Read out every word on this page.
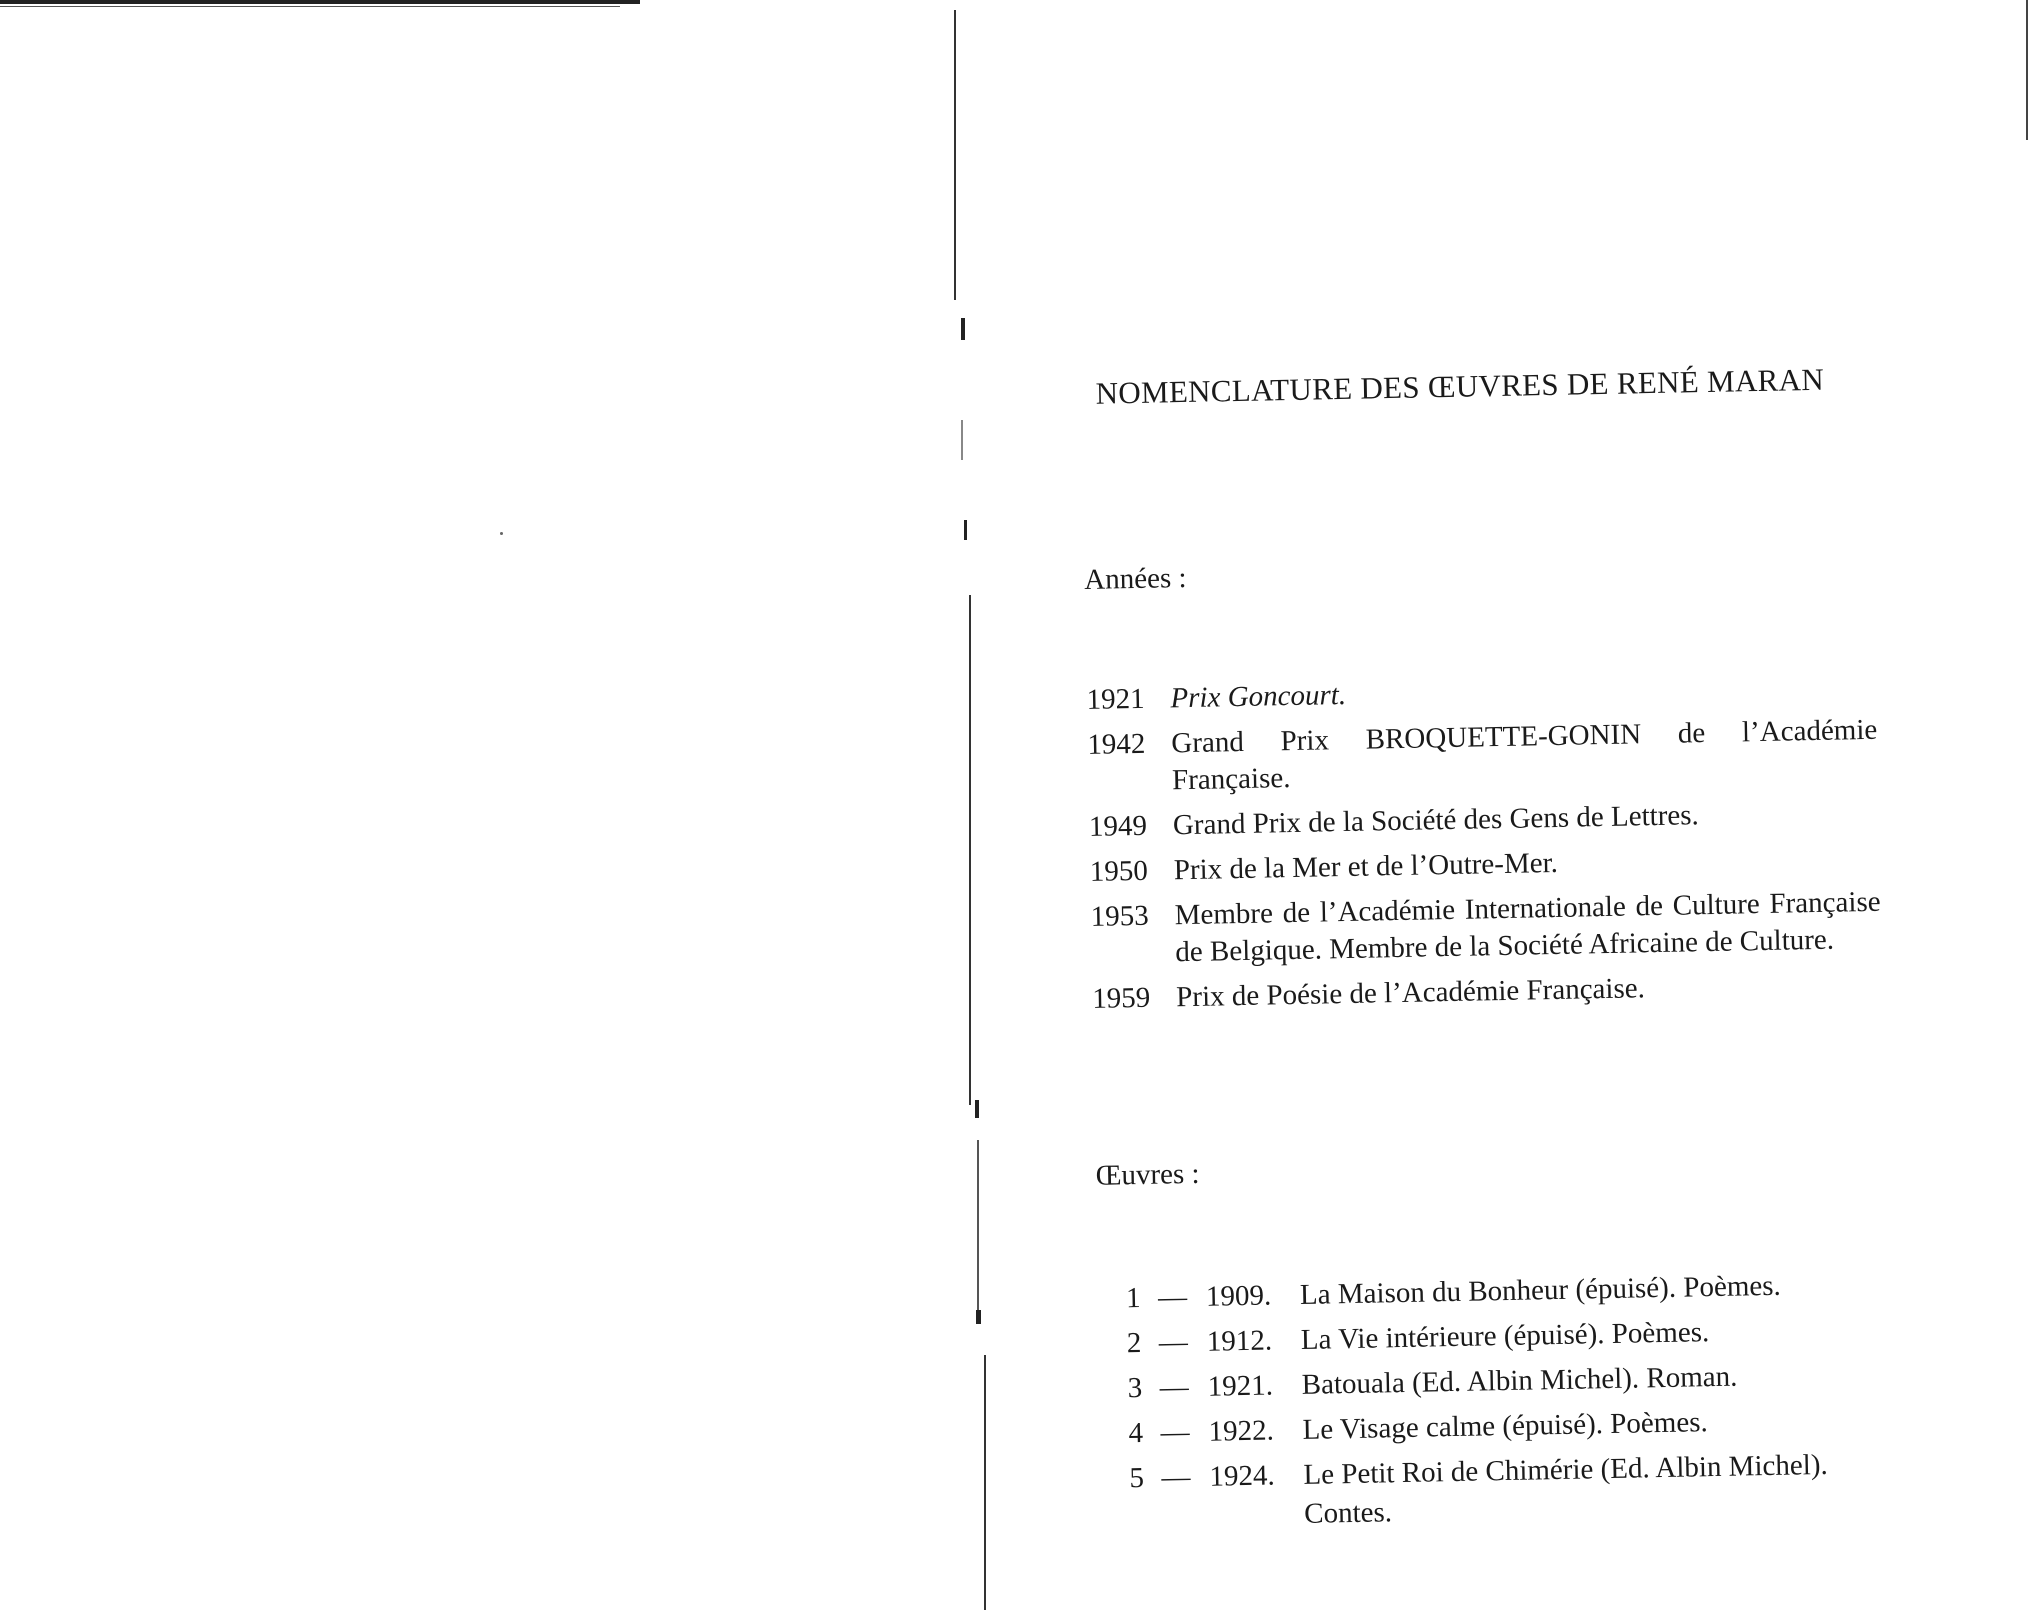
NOMENCLATURE DES ŒUVRES DE RENÉ MARAN

Années :

1921 Prix Goncourt.
1942 Grand Prix BROQUETTE-GONIN de l’Académie Française.
1949 Grand Prix de la Société des Gens de Lettres.
1950 Prix de la Mer et de l’Outre-Mer.
1953 Membre de l’Académie Internationale de Culture Française de Belgique. Membre de la Société Africaine de Culture.
1959 Prix de Poésie de l’Académie Française.

Œuvres :

1 — 1909. La Maison du Bonheur (épuisé). Poèmes.
2 — 1912. La Vie intérieure (épuisé). Poèmes.
3 — 1921. Batouala (Ed. Albin Michel). Roman.
4 — 1922. Le Visage calme (épuisé). Poèmes.
5 — 1924. Le Petit Roi de Chimérie (Ed. Albin Michel). Contes.
